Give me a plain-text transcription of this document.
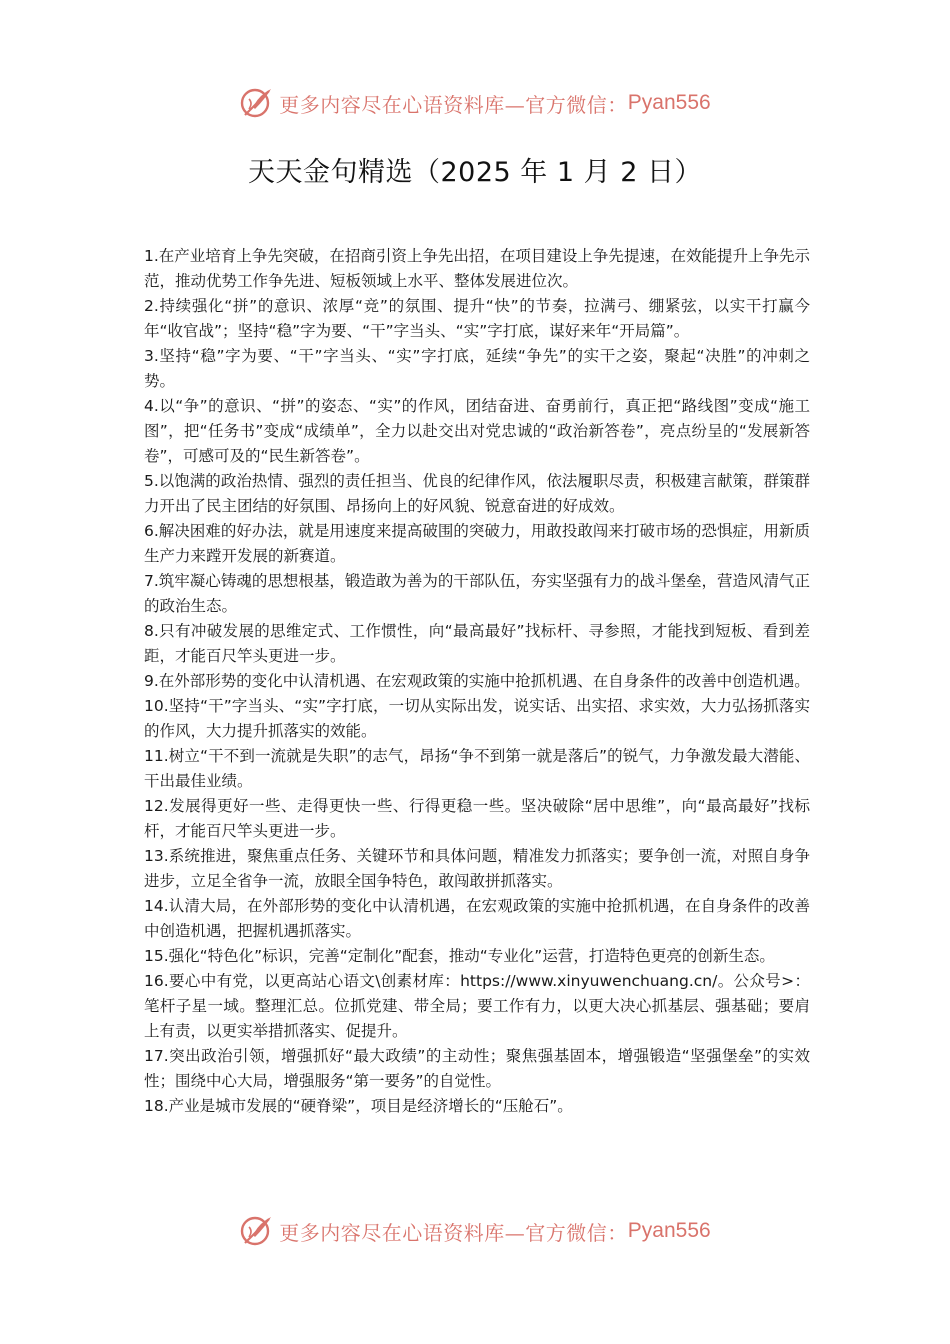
更多内容尽在心语资料库—官方微信： Pyan556
天天金句精选（2025 年 1 月 2 日）

1.在产业培育上争先突破，在招商引资上争先出招，在项目建设上争先提速，在效能提升上争先示范，推动优势工作争先进、短板领域上水平、整体发展进位次。

2.持续强化“拼”的意识、浓厚“竞”的氛围、提升“快”的节奏，拉满弓、绷紧弦，以实干打赢今年“收官战”；坚持“稳”字为要、“干”字当头、“实”字打底，谋好来年“开局篇”。

3.坚持“稳”字为要、“干”字当头、“实”字打底，延续“争先”的实干之姿，聚起“决胜”的冲刺之势。

4.以“争”的意识、“拼”的姿态、“实”的作风，团结奋进、奋勇前行，真正把“路线图”变成“施工图”，把“任务书”变成“成绩单”，全力以赴交出对党忠诚的“政治新答卷”，亮点纷呈的“发展新答卷”，可感可及的“民生新答卷”。

5.以饱满的政治热情、强烈的责任担当、优良的纪律作风，依法履职尽责，积极建言献策，群策群力开出了民主团结的好氛围、昂扬向上的好风貌、锐意奋进的好成效。

6.解决困难的好办法，就是用速度来提高破围的突破力，用敢投敢闯来打破市场的恐惧症，用新质生产力来蹚开发展的新赛道。

7.筑牢凝心铸魂的思想根基，锻造敢为善为的干部队伍，夯实坚强有力的战斗堡垒，营造风清气正的政治生态。

8.只有冲破发展的思维定式、工作惯性，向“最高最好”找标杆、寻参照，才能找到短板、看到差距，才能百尺竿头更进一步。

9.在外部形势的变化中认清机遇、在宏观政策的实施中抢抓机遇、在自身条件的改善中创造机遇。

10.坚持“干”字当头、“实”字打底，一切从实际出发，说实话、出实招、求实效，大力弘扬抓落实的作风，大力提升抓落实的效能。

11.树立“干不到一流就是失职”的志气，昂扬“争不到第一就是落后”的锐气，力争激发最大潜能、干出最佳业绩。

12.发展得更好一些、走得更快一些、行得更稳一些。坚决破除“居中思维”，向“最高最好”找标杆，才能百尺竿头更进一步。

13.系统推进，聚焦重点任务、关键环节和具体问题，精准发力抓落实；要争创一流，对照自身争进步，立足全省争一流，放眼全国争特色，敢闯敢拼抓落实。

14.认清大局，在外部形势的变化中认清机遇，在宏观政策的实施中抢抓机遇，在自身条件的改善中创造机遇，把握机遇抓落实。

15.强化“特色化”标识，完善“定制化”配套，推动“专业化”运营，打造特色更亮的创新生态。

16.要心中有党，以更高站心语文\创素材库：https://www.xinyuwenchuang.cn/。公众号>：笔杆子星一域。整理汇总。位抓党建、带全局；要工作有力，以更大决心抓基层、强基础；要肩上有责，以更实举措抓落实、促提升。

17.突出政治引领，增强抓好“最大政绩”的主动性；聚焦强基固本，增强锻造“坚强堡垒”的实效性；围绕中心大局，增强服务“第一要务”的自觉性。

18.产业是城市发展的“硬脊梁”，项目是经济增长的“压舱石”。

更多内容尽在心语资料库—官方微信： Pyan556
